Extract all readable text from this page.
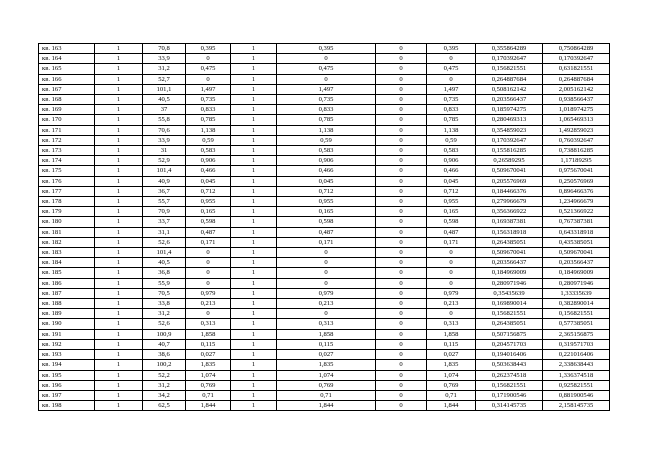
кв. 163	1	70,8	0,395	1	0,395	0	0,395	0,355864289	0,750864289
кв. 164	1	33,9	0	1	0	0	0	0,170392647	0,170392647
кв. 165	1	31,2	0,475	1	0,475	0	0,475	0,156821551	0,631821551
кв. 166	1	52,7	0	1	0	0	0	0,264887684	0,264887684
кв. 167	1	101,1	1,497	1	1,497	0	1,497	0,508162142	2,005162142
кв. 168	1	40,5	0,735	1	0,735	0	0,735	0,203566437	0,938566437
кв. 169	1	37	0,833	1	0,833	0	0,833	0,185974275	1,018974275
кв. 170	1	55,8	0,785	1	0,785	0	0,785	0,280469313	1,065469313
кв. 171	1	70,6	1,138	1	1,138	0	1,138	0,354859023	1,492859023
кв. 172	1	33,9	0,59	1	0,59	0	0,59	0,170392647	0,760392647
кв. 173	1	31	0,583	1	0,583	0	0,583	0,155816285	0,738816285
кв. 174	1	52,9	0,906	1	0,906	0	0,906	0,26589295	1,17189295
кв. 175	1	101,4	0,466	1	0,466	0	0,466	0,509670041	0,975670041
кв. 176	1	40,9	0,045	1	0,045	0	0,045	0,205576969	0,250576969
кв. 177	1	36,7	0,712	1	0,712	0	0,712	0,184466376	0,896466376
кв. 178	1	55,7	0,955	1	0,955	0	0,955	0,279966679	1,234966679
кв. 179	1	70,9	0,165	1	0,165	0	0,165	0,356366922	0,521366922
кв. 180	1	33,7	0,598	1	0,598	0	0,598	0,169387381	0,767387381
кв. 181	1	31,1	0,487	1	0,487	0	0,487	0,156318918	0,643318918
кв. 182	1	52,6	0,171	1	0,171	0	0,171	0,264385051	0,435385051
кв. 183	1	101,4	0	1	0	0	0	0,509670041	0,509670041
кв. 184	1	40,5	0	1	0	0	0	0,203566437	0,203566437
кв. 185	1	36,8	0	1	0	0	0	0,184969009	0,184969009
кв. 186	1	55,9	0	1	0	0	0	0,280971946	0,280971946
кв. 187	1	70,5	0,979	1	0,979	0	0,979	0,35435639	1,33335639
кв. 188	1	33,8	0,213	1	0,213	0	0,213	0,169890014	0,382890014
кв. 189	1	31,2	0	1	0	0	0	0,156821551	0,156821551
кв. 190	1	52,6	0,313	1	0,313	0	0,313	0,264385051	0,577385051
кв. 191	1	100,9	1,858	1	1,858	0	1,858	0,507156875	2,365156875
кв. 192	1	40,7	0,115	1	0,115	0	0,115	0,204571703	0,319571703
кв. 193	1	38,6	0,027	1	0,027	0	0,027	0,194016406	0,221016406
кв. 194	1	100,2	1,835	1	1,835	0	1,835	0,503638443	2,338638443
кв. 195	1	52,2	1,074	1	1,074	0	1,074	0,262374518	1,336374518
кв. 196	1	31,2	0,769	1	0,769	0	0,769	0,156821551	0,925821551
кв. 197	1	34,2	0,71	1	0,71	0	0,71	0,171900546	0,881900546
кв. 198	1	62,5	1,844	1	1,844	0	1,844	0,314145735	2,158145735
